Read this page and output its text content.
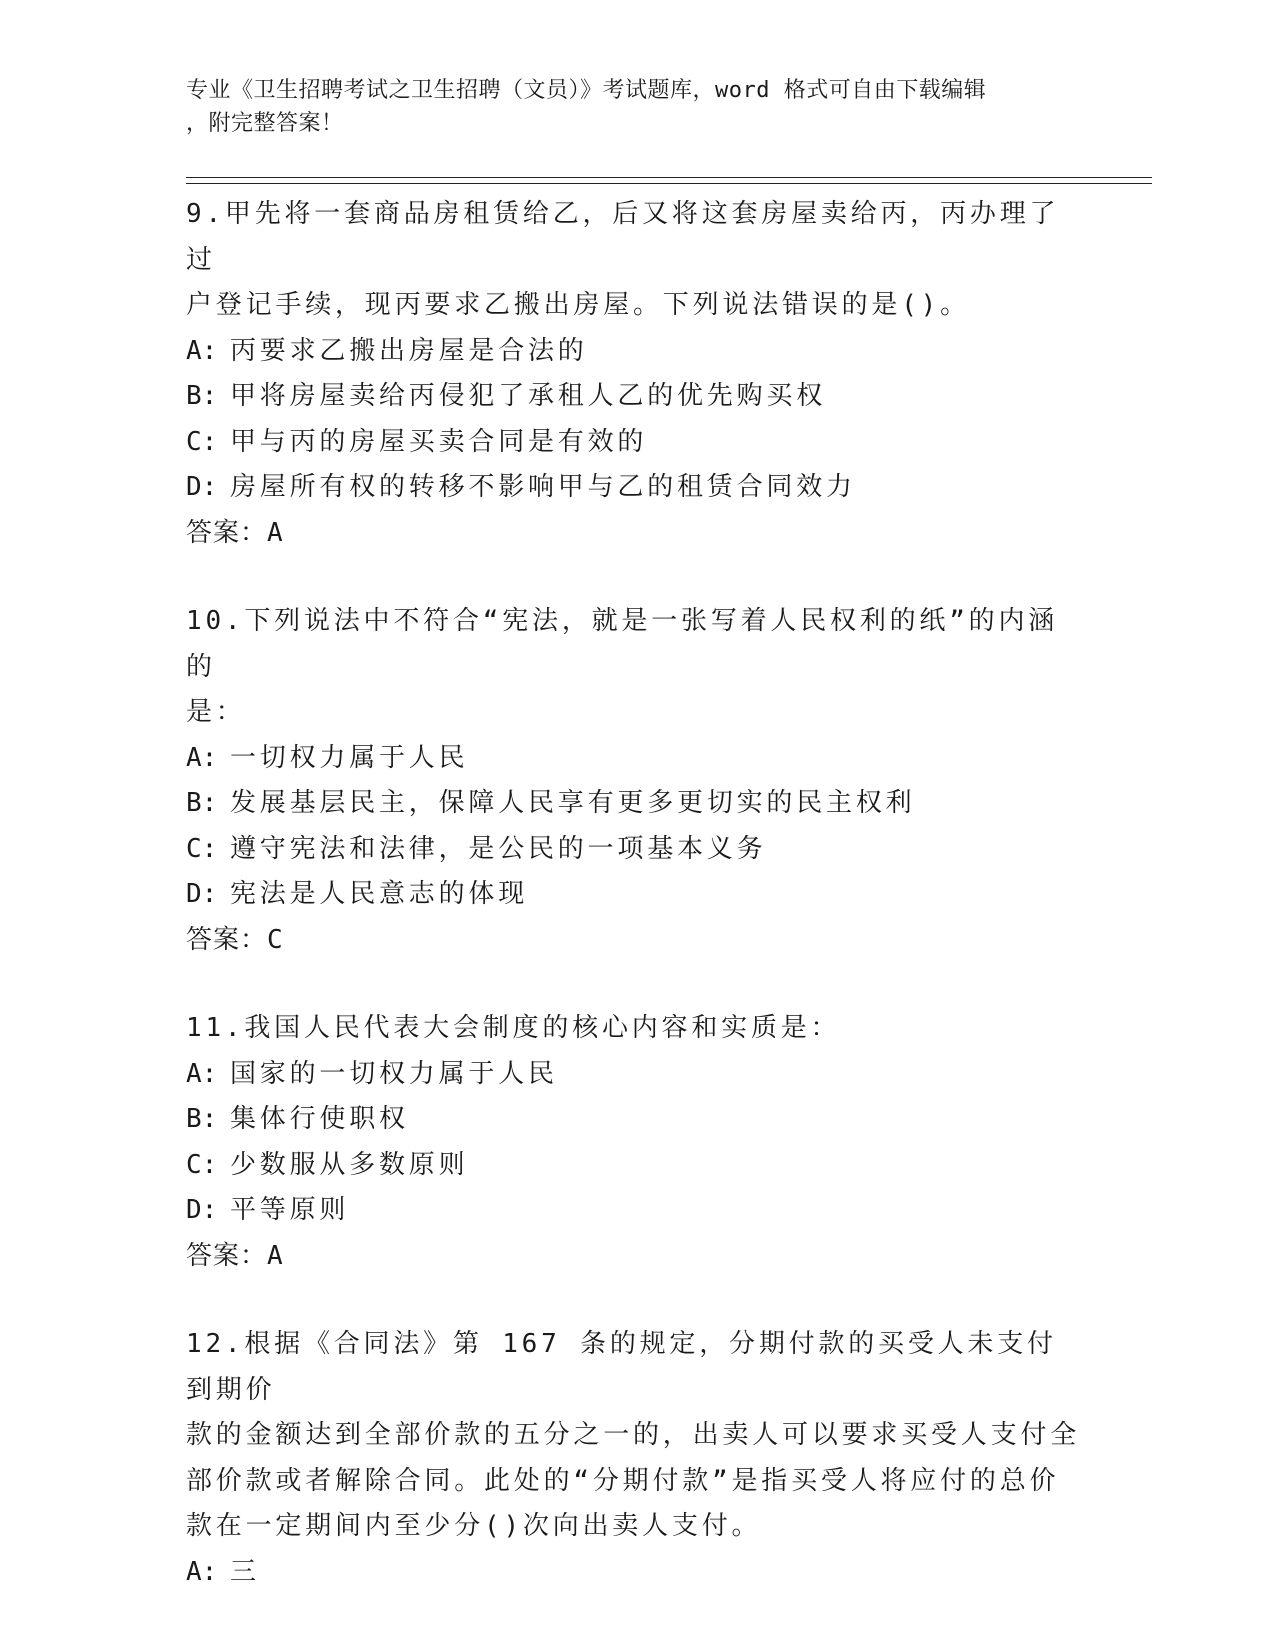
专业《卫生招聘考试之卫生招聘（文员）》考试题库，word 格式可自由下载编辑
，附完整答案！

9.甲先将一套商品房租赁给乙，后又将这套房屋卖给丙，丙办理了过

户登记手续，现丙要求乙搬出房屋。下列说法错误的是()。

A: 丙要求乙搬出房屋是合法的

B: 甲将房屋卖给丙侵犯了承租人乙的优先购买权

C: 甲与丙的房屋买卖合同是有效的

D: 房屋所有权的转移不影响甲与乙的租赁合同效力

答案：A

10.下列说法中不符合“宪法，就是一张写着人民权利的纸”的内涵的

是：

A: 一切权力属于人民

B: 发展基层民主，保障人民享有更多更切实的民主权利

C: 遵守宪法和法律，是公民的一项基本义务

D: 宪法是人民意志的体现

答案：C

11.我国人民代表大会制度的核心内容和实质是：

A: 国家的一切权力属于人民

B: 集体行使职权

C: 少数服从多数原则

D: 平等原则

答案：A

12.根据《合同法》第 167 条的规定，分期付款的买受人未支付到期价

款的金额达到全部价款的五分之一的，出卖人可以要求买受人支付全

部价款或者解除合同。此处的“分期付款”是指买受人将应付的总价

款在一定期间内至少分()次向出卖人支付。

A: 三
